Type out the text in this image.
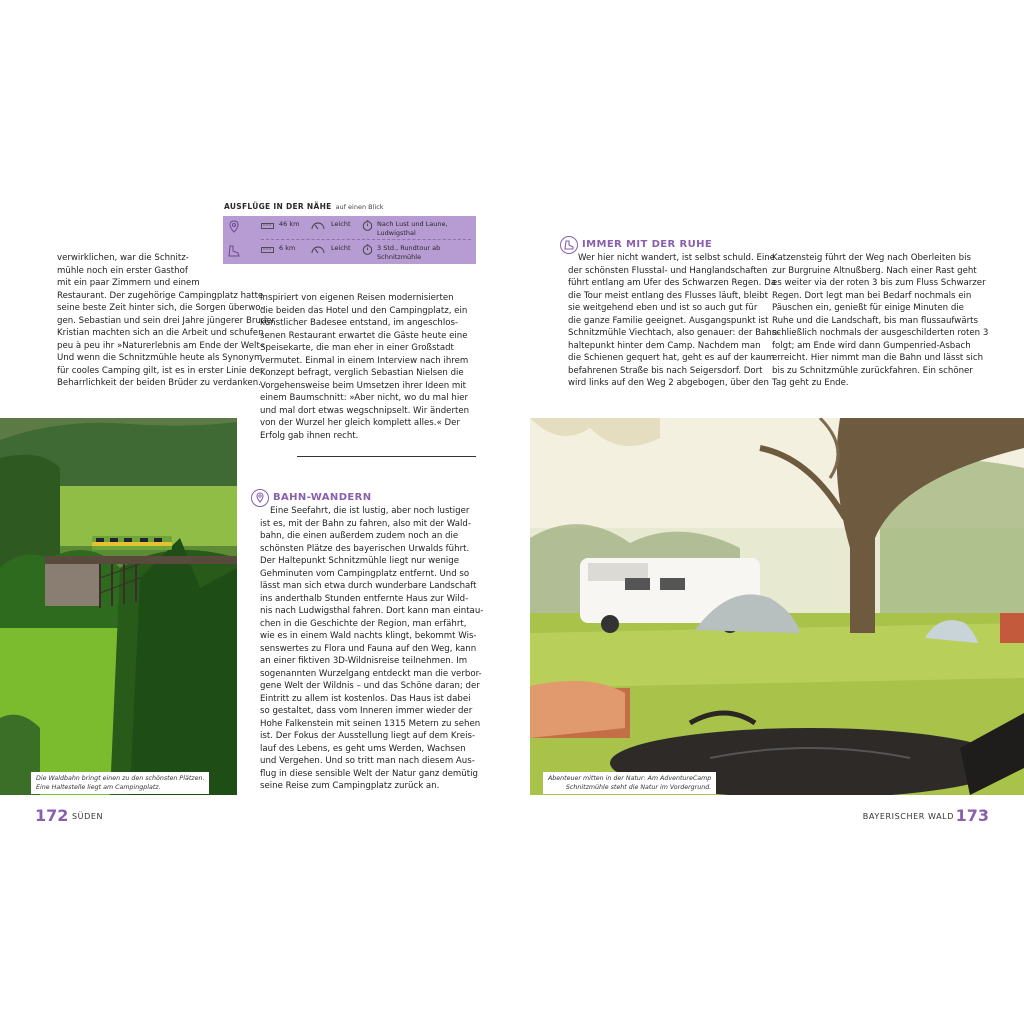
verwirklichen, war die Schnitz-
mühle noch ein erster Gasthof
mit ein paar Zimmern und einem
Restaurant. Der zugehörige Campingplatz hatte
seine beste Zeit hinter sich, die Sorgen überwo-
gen. Sebastian und sein drei Jahre jüngerer Bruder
Kristian machten sich an die Arbeit und schufen
peu à peu ihr »Naturerlebnis am Ende der Welt«.
Und wenn die Schnitzmühle heute als Synonym
für cooles Camping gilt, ist es in erster Linie der
Beharrlichkeit der beiden Brüder zu verdanken.
Inspiriert von eigenen Reisen modernisierten
die beiden das Hotel und den Campingplatz, ein
künstlicher Badesee entstand, im angeschlos-
senen Restaurant erwartet die Gäste heute eine
Speisekarte, die man eher in einer Großstadt
vermutet. Einmal in einem Interview nach ihrem
Konzept befragt, verglich Sebastian Nielsen die
Vorgehensweise beim Umsetzen ihrer Ideen mit
einem Baumschnitt: »Aber nicht, wo du mal hier
und mal dort etwas wegschnipselt. Wir änderten
von der Wurzel her gleich komplett alles.« Der
Erfolg gab ihnen recht.
AUSFLÜGE IN DER NÄHE auf einen Blick
46 km	Leicht	Nach Lust und Laune, Ludwigsthal
6 km	Leicht	3 Std., Rundtour ab Schnitzmühle
IMMER MIT DER RUHE
Wer hier nicht wandert, ist selbst schuld. Eine
der schönsten Flusstal- und Hanglandschaften
führt entlang am Ufer des Schwarzen Regen. Da
die Tour meist entlang des Flusses läuft, bleibt
sie weitgehend eben und ist so auch gut für
die ganze Familie geeignet. Ausgangspunkt ist
Schnitzmühle Viechtach, also genauer: der Bahn-
haltepunkt hinter dem Camp. Nachdem man
die Schienen gequert hat, geht es auf der kaum
befahrenen Straße bis nach Seigersdorf. Dort
wird links auf den Weg 2 abgebogen, über den
Katzensteig führt der Weg nach Oberleiten bis
zur Burgruine Altnußberg. Nach einer Rast geht
es weiter via der roten 3 bis zum Fluss Schwarzer
Regen. Dort legt man bei Bedarf nochmals ein
Päuschen ein, genießt für einige Minuten die
Ruhe und die Landschaft, bis man flussaufwärts
schließlich nochmals der ausgeschilderten roten 3
folgt; am Ende wird dann Gumpenried-Asbach
erreicht. Hier nimmt man die Bahn und lässt sich
bis zu Schnitzmühle zurückfahren. Ein schöner
Tag geht zu Ende.
Die Waldbahn bringt einen zu den schönsten Plätzen.
Eine Haltestelle liegt am Campingplatz.
BAHN-WANDERN
Eine Seefahrt, die ist lustig, aber noch lustiger
ist es, mit der Bahn zu fahren, also mit der Wald-
bahn, die einen außerdem zudem noch an die
schönsten Plätze des bayerischen Urwalds führt.
Der Haltepunkt Schnitzmühle liegt nur wenige
Gehminuten vom Campingplatz entfernt. Und so
lässt man sich etwa durch wunderbare Landschaft
ins anderthalb Stunden entfernte Haus zur Wild-
nis nach Ludwigsthal fahren. Dort kann man eintau-
chen in die Geschichte der Region, man erfährt,
wie es in einem Wald nachts klingt, bekommt Wis-
senswertes zu Flora und Fauna auf den Weg, kann
an einer fiktiven 3D-Wildnisreise teilnehmen. Im
sogenannten Wurzelgang entdeckt man die verbor-
gene Welt der Wildnis – und das Schöne daran; der
Eintritt zu allem ist kostenlos. Das Haus ist dabei
so gestaltet, dass vom Inneren immer wieder der
Hohe Falkenstein mit seinen 1315 Metern zu sehen
ist. Der Fokus der Ausstellung liegt auf dem Kreis-
lauf des Lebens, es geht ums Werden, Wachsen
und Vergehen. Und so tritt man nach diesem Aus-
flug in diese sensible Welt der Natur ganz demütig
seine Reise zum Campingplatz zurück an.
Abenteuer mitten in der Natur: Am AdventureCamp
Schnitzmühle steht die Natur im Vordergrund.
172 SÜDEN	BAYERISCHER WALD 173
